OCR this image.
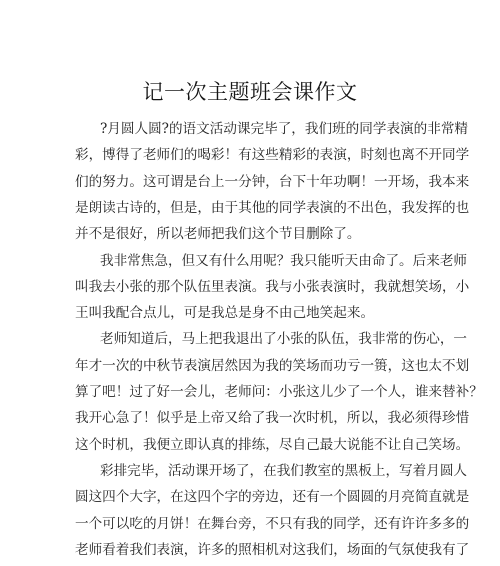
记一次主题班会课作文
?月圆人圆?的语文活动课完毕了，我们班的同学表演的非常精
彩，博得了老师们的喝彩！有这些精彩的表演，时刻也离不开同学
们的努力。这可谓是台上一分钟，台下十年功啊！一开场，我本来
是朗读古诗的，但是，由于其他的同学表演的不出色，我发挥的也
并不是很好，所以老师把我们这个节目删除了。
我非常焦急，但又有什么用呢？我只能听天由命了。后来老师
叫我去小张的那个队伍里表演。我与小张表演时，我就想笑场，小
王叫我配合点儿，可是我总是身不由己地笑起来。
老师知道后，马上把我退出了小张的队伍，我非常的伤心，一
年才一次的中秋节表演居然因为我的笑场而功亏一篑，这也太不划
算了吧！过了好一会儿，老师问：小张这儿少了一个人，谁来替补？
我开心急了！似乎是上帝又给了我一次时机，所以，我必须得珍惜
这个时机，我便立即认真的排练，尽自己最大说能不让自己笑场。
彩排完毕，活动课开场了，在我们教室的黑板上，写着月圆人
圆这四个大字，在这四个字的旁边，还有一个圆圆的月亮简直就是
一个可以吃的月饼！在舞台旁，不只有我的同学，还有许许多多的
老师看着我们表演，许多的照相机对这我们，场面的气氛使我有了
